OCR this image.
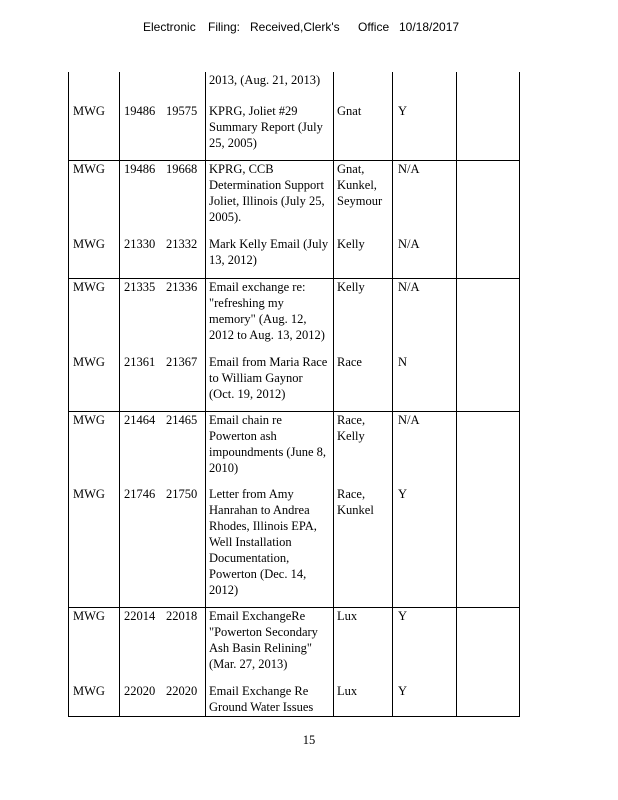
Electronic Filing: Received,Clerk's Office 10/18/2017
2013, (Aug. 21, 2013)
MWG	19486 19575 KPRG, Joliet #29
Summary Report (July
25, 2005)
Gnat	Y
MWG	19486 19668 KPRG, CCB
Determination Support
Joliet, Illinois (July 25,
2005).
Gnat,
Kunkel,
Seymour
N/A
MWG	21330 21332 Mark Kelly Email (July
13, 2012)
Kelly	N/A
MWG	21335 21336 Email exchange re:
"refreshing my
memory" (Aug. 12,
2012 to Aug. 13, 2012)
Kelly	N/A
MWG	21361 21367 Email from Maria Race
to William Gaynor
(Oct. 19, 2012)
Race	N
MWG	21464 21465 Email chain re
Powerton ash
impoundments (June 8,
2010)
Race,
Kelly
N/A
MWG	21746 21750 Letter from Amy
Hanrahan to Andrea
Rhodes, Illinois EPA,
Well Installation
Documentation,
Powerton (Dec. 14,
2012)
Race,
Kunkel
Y
MWG	22014 22018 Email ExchangeRe
"Powerton Secondary
Ash Basin Relining"
(Mar. 27, 2013)
Lux	Y
MWG	22020 22020 Email Exchange Re
Ground Water Issues
Lux	Y
15
